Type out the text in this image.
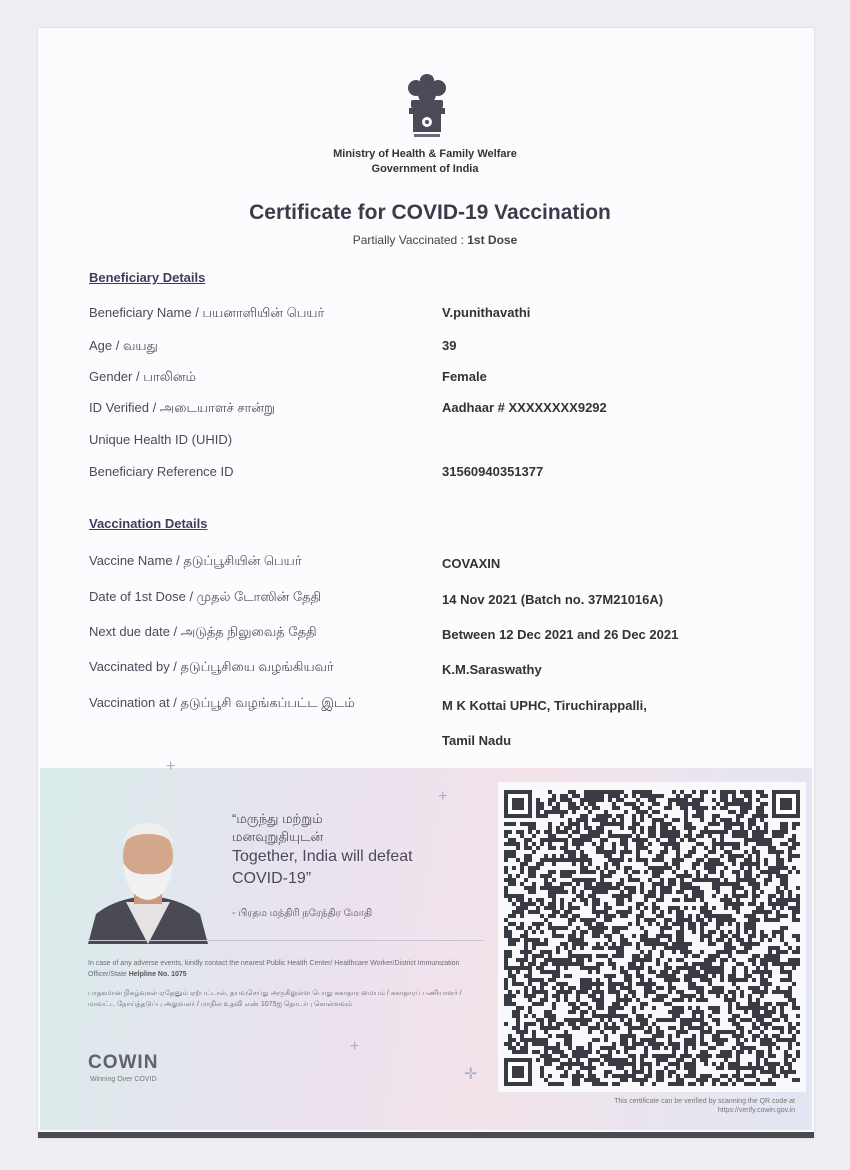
Ministry of Health & Family Welfare
Government of India
Certificate for COVID-19 Vaccination
Partially Vaccinated : 1st Dose
Beneficiary Details
Beneficiary Name / பயனாளியின் பெயர்	V.punithavathi
Age / வயது	39
Gender / பாலினம்	Female
ID Verified / அடையாளச் சான்று	Aadhaar # XXXXXXXX9292
Unique Health ID (UHID)
Beneficiary Reference ID	31560940351377
Vaccination Details
Vaccine Name / தடுப்பூசியின் பெயர்	COVAXIN
Date of 1st Dose / முதல் டோஸின் தேதி	14 Nov 2021 (Batch no. 37M21016A)
Next due date / அடுத்த நிலுவைத் தேதி	Between 12 Dec 2021 and 26 Dec 2021
Vaccinated by / தடுப்பூசியை வழங்கியவர்	K.M.Saraswathy
Vaccination at / தடுப்பூசி வழங்கப்பட்ட இடம்	M K Kottai UPHC, Tiruchirappalli,
Tamil Nadu
+
+
+
✛
“மருந்து மற்றும்
மனவுறுதியுடன்
Together, India will defeat
COVID-19”
- பிரதம மந்திரி நரேந்திர மோதி
In case of any adverse events, kindly contact the nearest Public Health Center/ Healthcare Worker/District Immunization Officer/State Helpline No. 1075
பாதகமான நிகழ்வுகள் ஏதேனும் ஏற்பட்டால், தயவுசெய்து அருகிலுள்ள பொது சுகாதார மையம் / சுகாதாரப் பணியாளர் / மாவட்ட நோய்த்தடுப்பு அலுவலர் / மாநில உதவி எண் 1075ஐ தொடர்பு கொள்ளவும்
COWIN
Winning Over COVID
This certificate can be verified by scanning the QR code at
https://verify.cowin.gov.in
